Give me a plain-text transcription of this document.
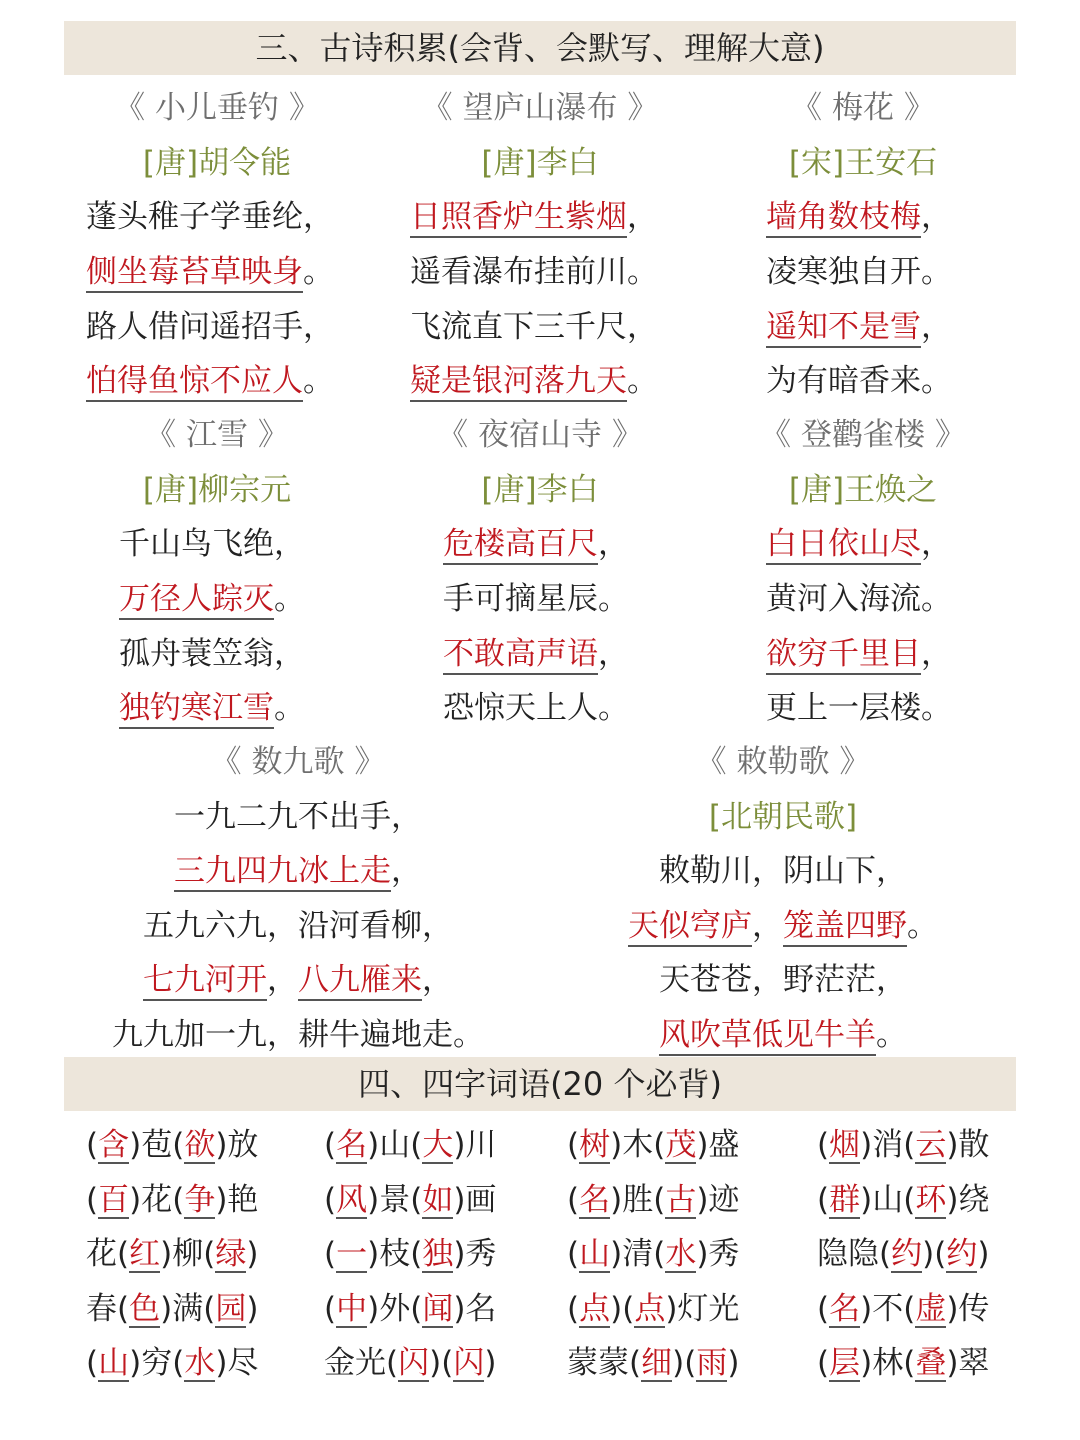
三、古诗积累(会背、会默写、理解大意)
《 小儿垂钓 》
[唐]胡令能
蓬头稚子学垂纶，
侧坐莓苔草映身。
路人借问遥招手，
怕得鱼惊不应人。
《 望庐山瀑布 》
[唐]李白
日照香炉生紫烟，
遥看瀑布挂前川。
飞流直下三千尺，
疑是银河落九天。
《 梅花 》
[宋]王安石
墙角数枝梅，
凌寒独自开。
遥知不是雪，
为有暗香来。
《 江雪 》
[唐]柳宗元
千山鸟飞绝，
万径人踪灭。
孤舟蓑笠翁，
独钓寒江雪。
《 夜宿山寺 》
[唐]李白
危楼高百尺，
手可摘星辰。
不敢高声语，
恐惊天上人。
《 登鹳雀楼 》
[唐]王焕之
白日依山尽，
黄河入海流。
欲穷千里目，
更上一层楼。
《 数九歌 》
一九二九不出手，
三九四九冰上走，
五九六九，沿河看柳，
七九河开，八九雁来，
九九加一九，耕牛遍地走。
《 敕勒歌 》
[北朝民歌]
敕勒川，阴山下，
天似穹庐，笼盖四野。
天苍苍，野茫茫，
风吹草低见牛羊。
四、四字词语(20 个必背)
(含)苞(欲)放	(名)山(大)川	(树)木(茂)盛	(烟)消(云)散
(百)花(争)艳	(风)景(如)画	(名)胜(古)迹	(群)山(环)绕
花(红)柳(绿)	(一)枝(独)秀	(山)清(水)秀	隐隐(约)(约)
春(色)满(园)	(中)外(闻)名	(点)(点)灯光	(名)不(虚)传
(山)穷(水)尽	金光(闪)(闪)	蒙蒙(细)(雨)	(层)林(叠)翠
